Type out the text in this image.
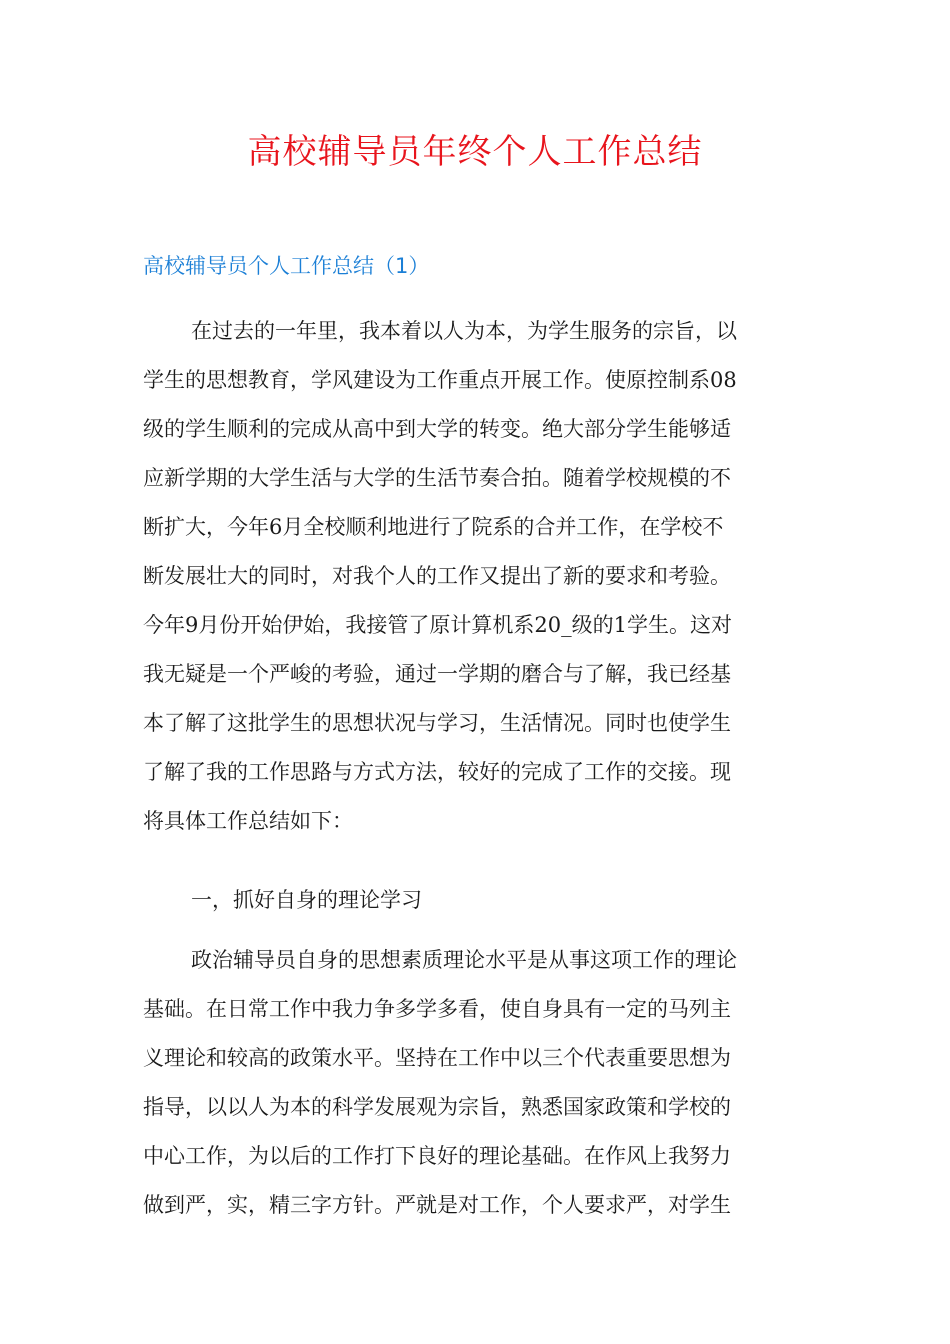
高校辅导员年终个人工作总结
高校辅导员个人工作总结（1）
在过去的一年里，我本着以人为本，为学生服务的宗旨，以
学生的思想教育，学风建设为工作重点开展工作。使原控制系08
级的学生顺利的完成从高中到大学的转变。绝大部分学生能够适
应新学期的大学生活与大学的生活节奏合拍。随着学校规模的不
断扩大，今年6月全校顺利地进行了院系的合并工作，在学校不
断发展壮大的同时，对我个人的工作又提出了新的要求和考验。
今年9月份开始伊始，我接管了原计算机系20_级的1学生。这对
我无疑是一个严峻的考验，通过一学期的磨合与了解，我已经基
本了解了这批学生的思想状况与学习，生活情况。同时也使学生
了解了我的工作思路与方式方法，较好的完成了工作的交接。现
将具体工作总结如下：
一，抓好自身的理论学习
政治辅导员自身的思想素质理论水平是从事这项工作的理论
基础。在日常工作中我力争多学多看，使自身具有一定的马列主
义理论和较高的政策水平。坚持在工作中以三个代表重要思想为
指导，以以人为本的科学发展观为宗旨，熟悉国家政策和学校的
中心工作，为以后的工作打下良好的理论基础。在作风上我努力
做到严，实，精三字方针。严就是对工作，个人要求严，对学生
